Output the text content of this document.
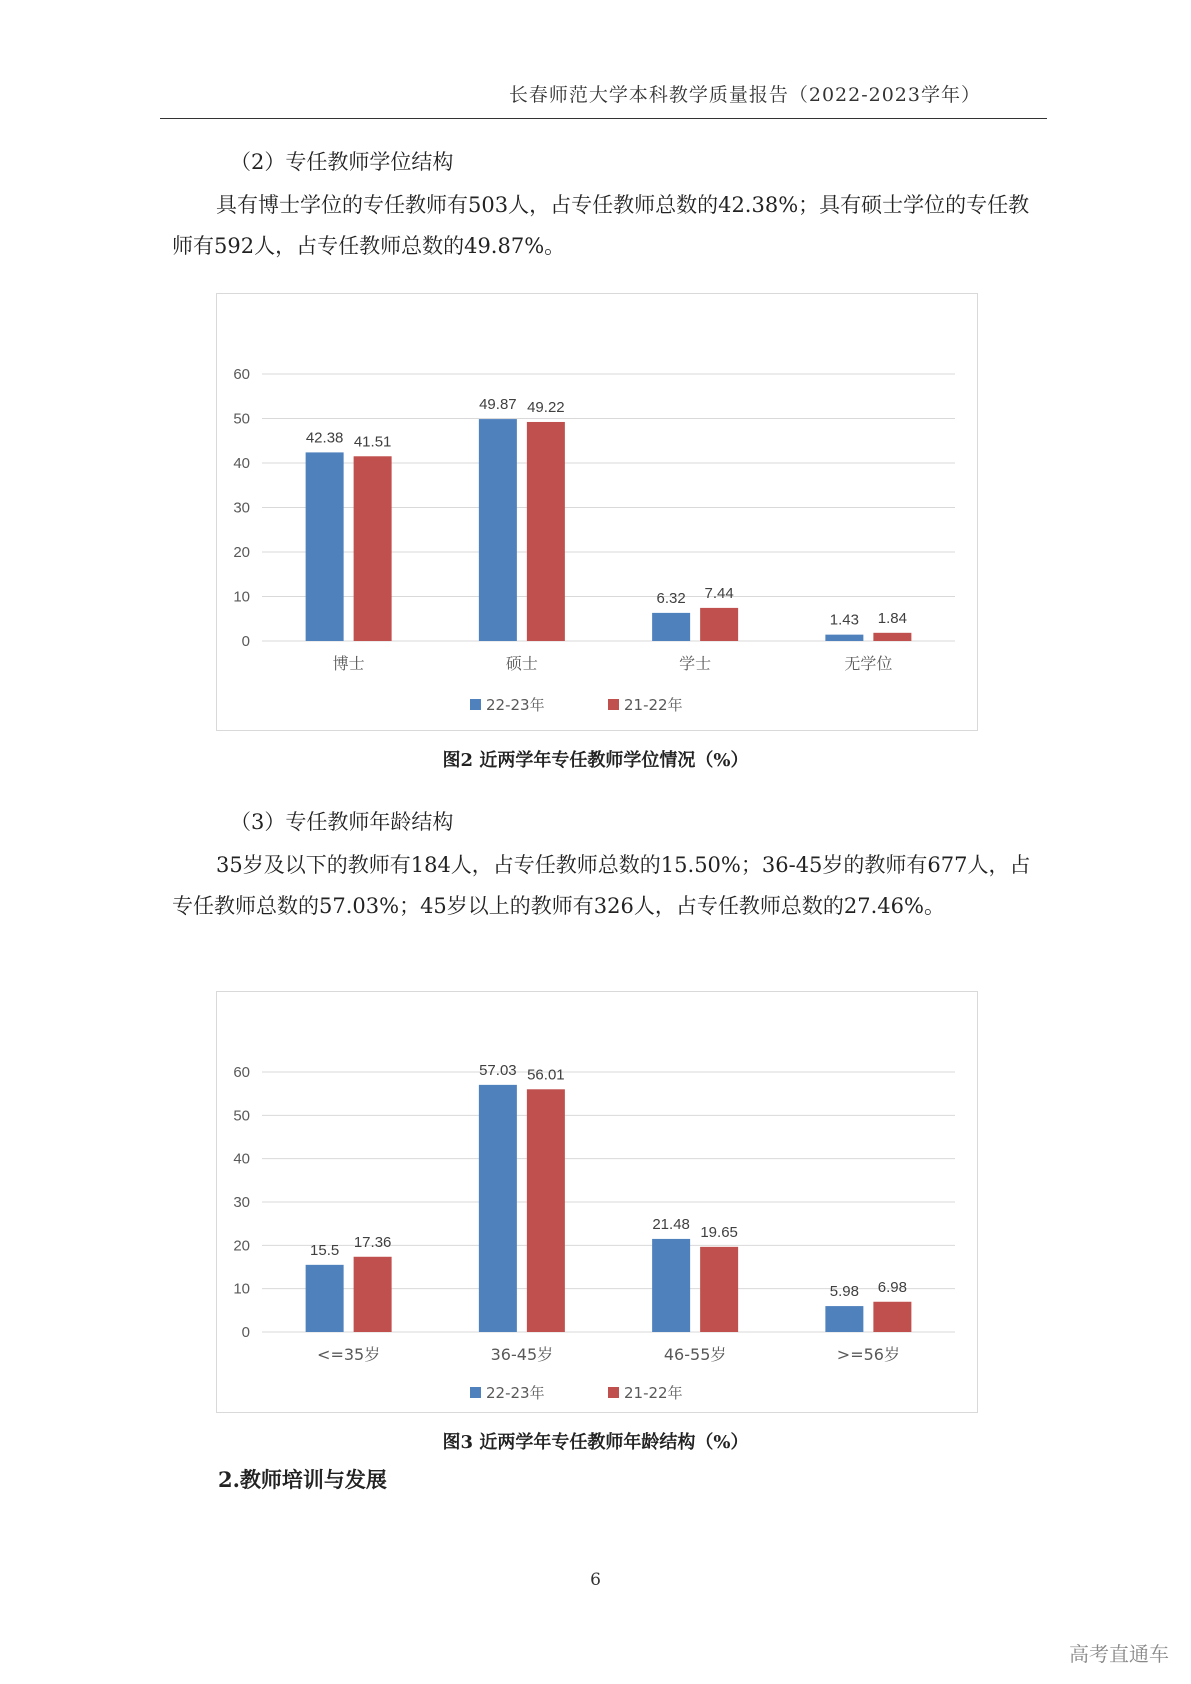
长春师范大学本科教学质量报告（2022-2023学年）
（2）专任教师学位结构
具有博士学位的专任教师有503人，占专任教师总数的42.38%；具有硕士学位的专任教师有592人，占专任教师总数的49.87%。
0
10
20
30
40
50
60
42.38 41.51
博士
49.87 49.22
硕士
6.32 7.44
学士
1.43 1.84
无学位
22-23年	21-22年
图2 近两学年专任教师学位情况（%）
（3）专任教师年龄结构
35岁及以下的教师有184人，占专任教师总数的15.50%；36-45岁的教师有677人，占专任教师总数的57.03%；45岁以上的教师有326人，占专任教师总数的27.46%。
0
10
20
30
40
50
60
15.5 17.36
<=35岁
57.03 56.01
36-45岁
21.48 19.65
46-55岁
5.98 6.98
>=56岁
22-23年	21-22年
图3 近两学年专任教师年龄结构（%）
2.教师培训与发展
6
高考直通车
